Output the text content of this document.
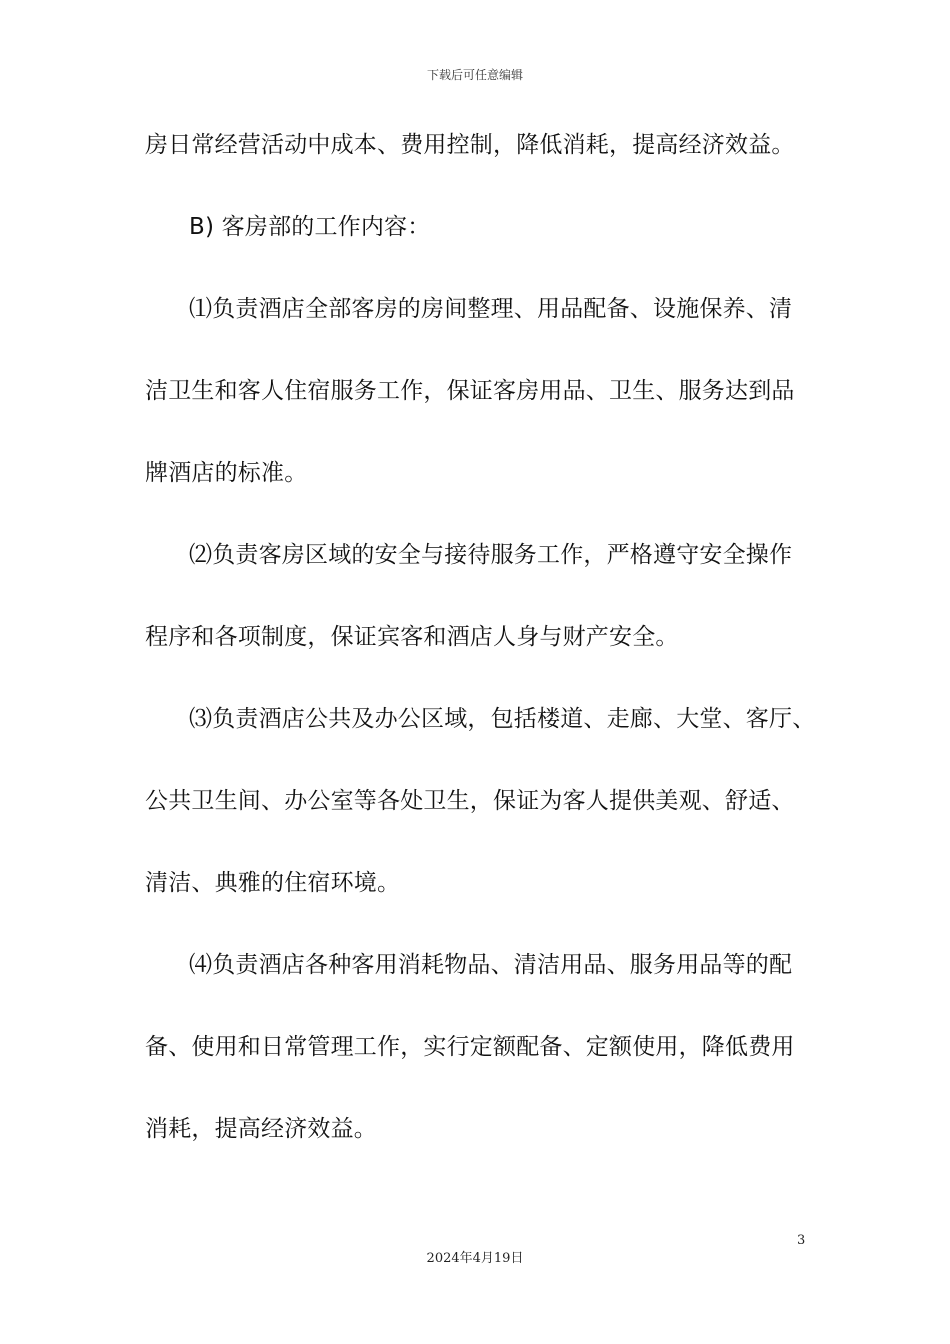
下载后可任意编辑
房日常经营活动中成本、费用控制，降低消耗，提高经济效益。
B) 客房部的工作内容：
⑴负责酒店全部客房的房间整理、用品配备、设施保养、清
洁卫生和客人住宿服务工作，保证客房用品、卫生、服务达到品
牌酒店的标准。
⑵负责客房区域的安全与接待服务工作，严格遵守安全操作
程序和各项制度，保证宾客和酒店人身与财产安全。
⑶负责酒店公共及办公区域，包括楼道、走廊、大堂、客厅、
公共卫生间、办公室等各处卫生，保证为客人提供美观、舒适、
清洁、典雅的住宿环境。
⑷负责酒店各种客用消耗物品、清洁用品、服务用品等的配
备、使用和日常管理工作，实行定额配备、定额使用，降低费用
消耗，提高经济效益。
3
2024年4月19日
